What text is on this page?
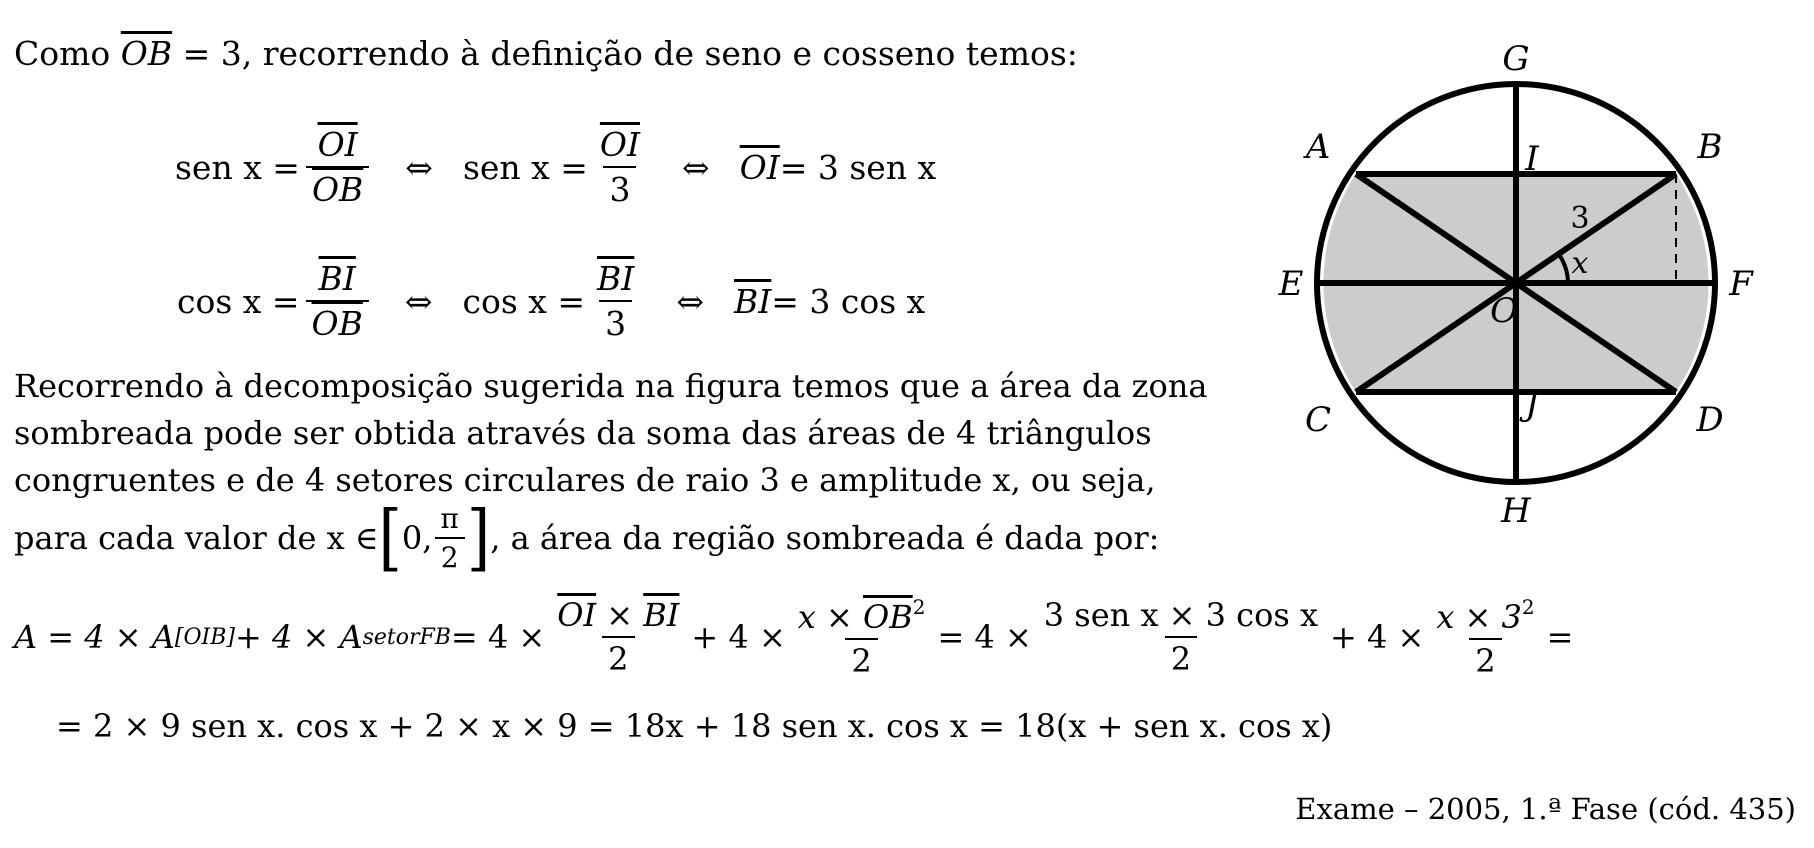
Como $\overline{OB} = 3$, recorrendo à definição de seno e cosseno temos:
sen $x = \frac{\overline{OI}}{OB}$ ⇔ sen $x = \frac{\overline{OI}}{3}$ ⇔ $\overline{OI} = 3$ sen x
$\cos x = \frac{\overline{BI}}{OB}$ ⇔ $\cos x = \frac{\overline{BI}}{3}$ ⇔ $\overline{BI} = 3$ cos x
Recorrendo à decomposição sugerida na figura temos que a área da zona
sombreada pode ser obtida através da soma das áreas de 4 triângulos
congruentes e de 4 setores circulares de raio 3 e amplitude x, ou seja,
para cada valor de x ∈ [ 0, $\frac{\pi}{2}$ ] , a área da região sombreada é dada por:
A = 4 × A [OIB] + 4 × A setorFB = $4 \times \frac{\overline{OI} \times \overline{BI}}{2} + 4 \times \frac{x \times \overline{OB}^2}{2} = 4 \times \frac{\text{3 sen x × 3 cos x}}{2} + 4 \times \frac{x \times 3^2}{2}$ =
= 2 × 9 sen x. cos x + 2 × x × 9 = 18x + 18 sen x. cos x = 18(x + sen x. cos x)
Exame – 2005, 1.ª Fase (cód. 435)
G
H
A	B
C	D
E	F
I
J
O
3
x
